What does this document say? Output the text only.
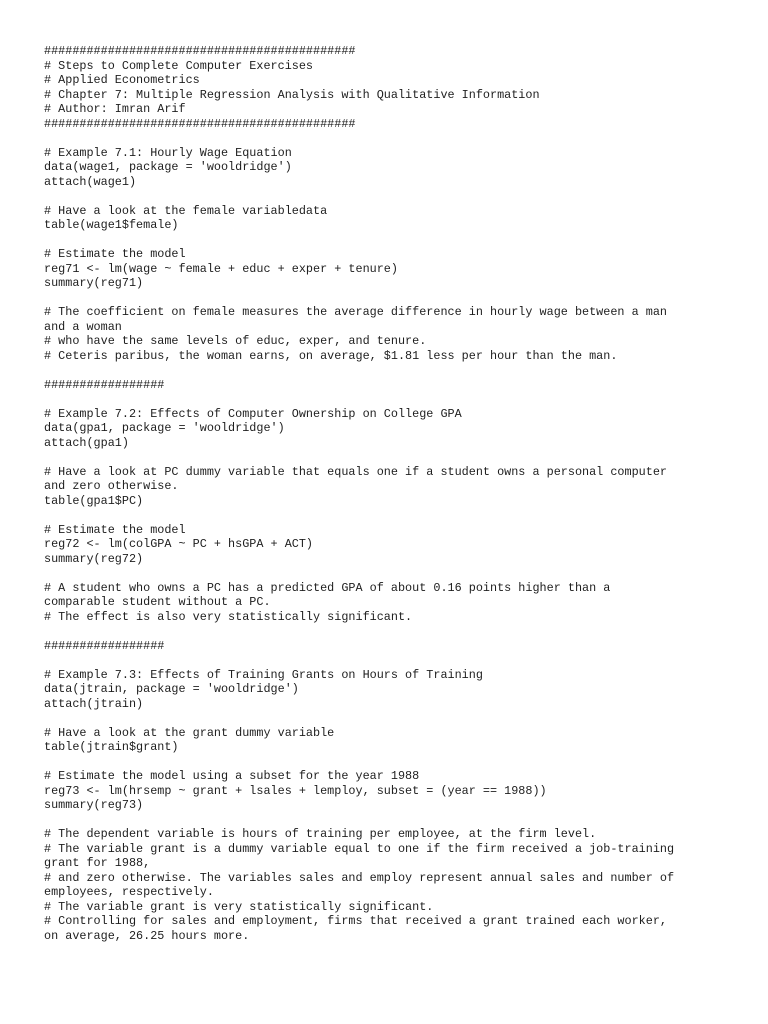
############################################
# Steps to Complete Computer Exercises
# Applied Econometrics
# Chapter 7: Multiple Regression Analysis with Qualitative Information
# Author: Imran Arif
############################################
# Example 7.1: Hourly Wage Equation
data(wage1, package = 'wooldridge')
attach(wage1)
# Have a look at the female variabledata
table(wage1$female)
# Estimate the model
reg71 <- lm(wage ~ female + educ + exper + tenure)
summary(reg71)
# The coefficient on female measures the average difference in hourly wage between a man
and a woman
# who have the same levels of educ, exper, and tenure.
# Ceteris paribus, the woman earns, on average, $1.81 less per hour than the man.
#################
# Example 7.2: Effects of Computer Ownership on College GPA
data(gpa1, package = 'wooldridge')
attach(gpa1)
# Have a look at PC dummy variable that equals one if a student owns a personal computer
and zero otherwise.
table(gpa1$PC)
# Estimate the model
reg72 <- lm(colGPA ~ PC + hsGPA + ACT)
summary(reg72)
# A student who owns a PC has a predicted GPA of about 0.16 points higher than a
comparable student without a PC.
# The effect is also very statistically significant.
#################
# Example 7.3: Effects of Training Grants on Hours of Training
data(jtrain, package = 'wooldridge')
attach(jtrain)
# Have a look at the grant dummy variable
table(jtrain$grant)
# Estimate the model using a subset for the year 1988
reg73 <- lm(hrsemp ~ grant + lsales + lemploy, subset = (year == 1988))
summary(reg73)
# The dependent variable is hours of training per employee, at the firm level.
# The variable grant is a dummy variable equal to one if the firm received a job-training
grant for 1988,
# and zero otherwise. The variables sales and employ represent annual sales and number of
employees, respectively.
# The variable grant is very statistically significant.
# Controlling for sales and employment, firms that received a grant trained each worker,
on average, 26.25 hours more.
